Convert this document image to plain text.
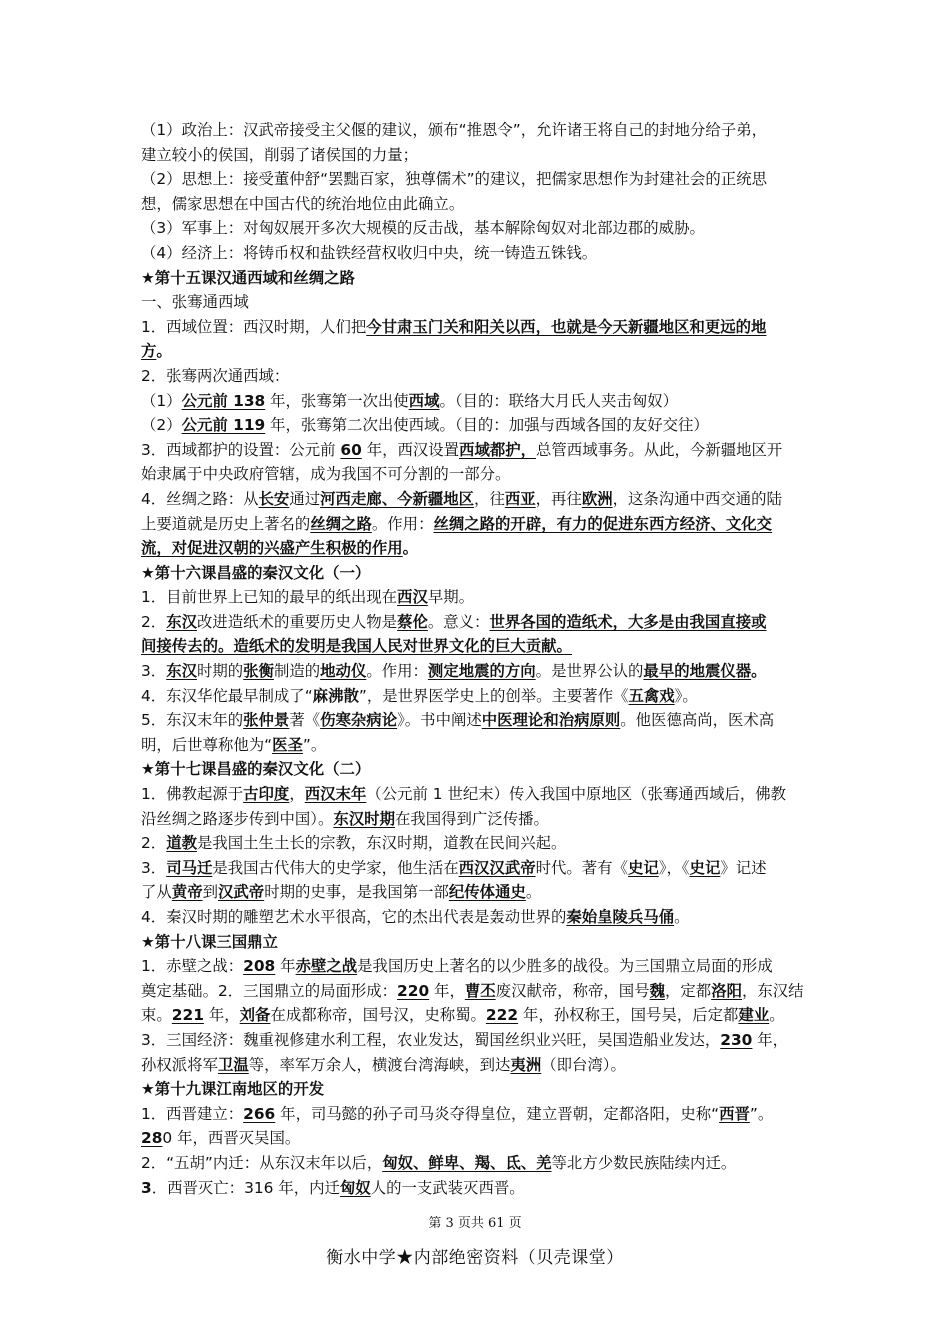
（1）政治上：汉武帝接受主父偃的建议，颁布“推恩令”，允许诸王将自己的封地分给子弟，
建立较小的侯国，削弱了诸侯国的力量；
（2）思想上：接受董仲舒“罢黜百家，独尊儒术”的建议，把儒家思想作为封建社会的正统思
想，儒家思想在中国古代的统治地位由此确立。
（3）军事上：对匈奴展开多次大规模的反击战，基本解除匈奴对北部边郡的威胁。
（4）经济上：将铸币权和盐铁经营权收归中央，统一铸造五铢钱。
★第十五课汉通西域和丝绸之路
一、张骞通西域
1．西域位置：西汉时期，人们把今甘肃玉门关和阳关以西，也就是今天新疆地区和更远的地
方。
2．张骞两次通西域：
（1）公元前 138 年，张骞第一次出使西域。（目的：联络大月氏人夹击匈奴）
（2）公元前 119 年，张骞第二次出使西域。（目的：加强与西域各国的友好交往）
3．西域都护的设置：公元前 60 年，西汉设置西域都护，总管西域事务。从此，今新疆地区开
始隶属于中央政府管辖，成为我国不可分割的一部分。
4．丝绸之路：从长安通过河西走廊、今新疆地区，往西亚，再往欧洲，这条沟通中西交通的陆
上要道就是历史上著名的丝绸之路。作用：丝绸之路的开辟，有力的促进东西方经济、文化交
流，对促进汉朝的兴盛产生积极的作用。
★第十六课昌盛的秦汉文化（一）
1．目前世界上已知的最早的纸出现在西汉早期。
2．东汉改进造纸术的重要历史人物是蔡伦。意义：世界各国的造纸术，大多是由我国直接或
间接传去的。造纸术的发明是我国人民对世界文化的巨大贡献。
3．东汉时期的张衡制造的地动仪。作用：测定地震的方向。是世界公认的最早的地震仪器。
4．东汉华佗最早制成了“麻沸散”，是世界医学史上的创举。主要著作《五禽戏》。
5．东汉末年的张仲景著《伤寒杂病论》。书中阐述中医理论和治病原则。他医德高尚，医术高
明，后世尊称他为“医圣”。
★第十七课昌盛的秦汉文化（二）
1．佛教起源于古印度，西汉末年（公元前 1 世纪末）传入我国中原地区（张骞通西域后，佛教
沿丝绸之路逐步传到中国）。东汉时期在我国得到广泛传播。
2．道教是我国土生土长的宗教，东汉时期，道教在民间兴起。
3．司马迁是我国古代伟大的史学家，他生活在西汉汉武帝时代。著有《史记》，《史记》记述
了从黄帝到汉武帝时期的史事，是我国第一部纪传体通史。
4．秦汉时期的雕塑艺术水平很高，它的杰出代表是轰动世界的秦始皇陵兵马俑。
★第十八课三国鼎立
1．赤壁之战：208 年赤壁之战是我国历史上著名的以少胜多的战役。为三国鼎立局面的形成
奠定基础。2．三国鼎立的局面形成：220 年，曹丕废汉献帝，称帝，国号魏，定都洛阳，东汉结
束。221 年，刘备在成都称帝，国号汉，史称蜀。222 年，孙权称王，国号吴，后定都建业。
3．三国经济：魏重视修建水利工程，农业发达，蜀国丝织业兴旺，吴国造船业发达，230 年，
孙权派将军卫温等，率军万余人，横渡台湾海峡，到达夷洲（即台湾）。
★第十九课江南地区的开发
1．西晋建立：266 年，司马懿的孙子司马炎夺得皇位，建立晋朝，定都洛阳，史称“西晋”。
280 年，西晋灭吴国。
2．“五胡”内迁：从东汉末年以后，匈奴、鲜卑、羯、氐、羌等北方少数民族陆续内迁。
3．西晋灭亡：316 年，内迁匈奴人的一支武装灭西晋。
第 3 页共 61 页
衡水中学★内部绝密资料（贝壳课堂）
